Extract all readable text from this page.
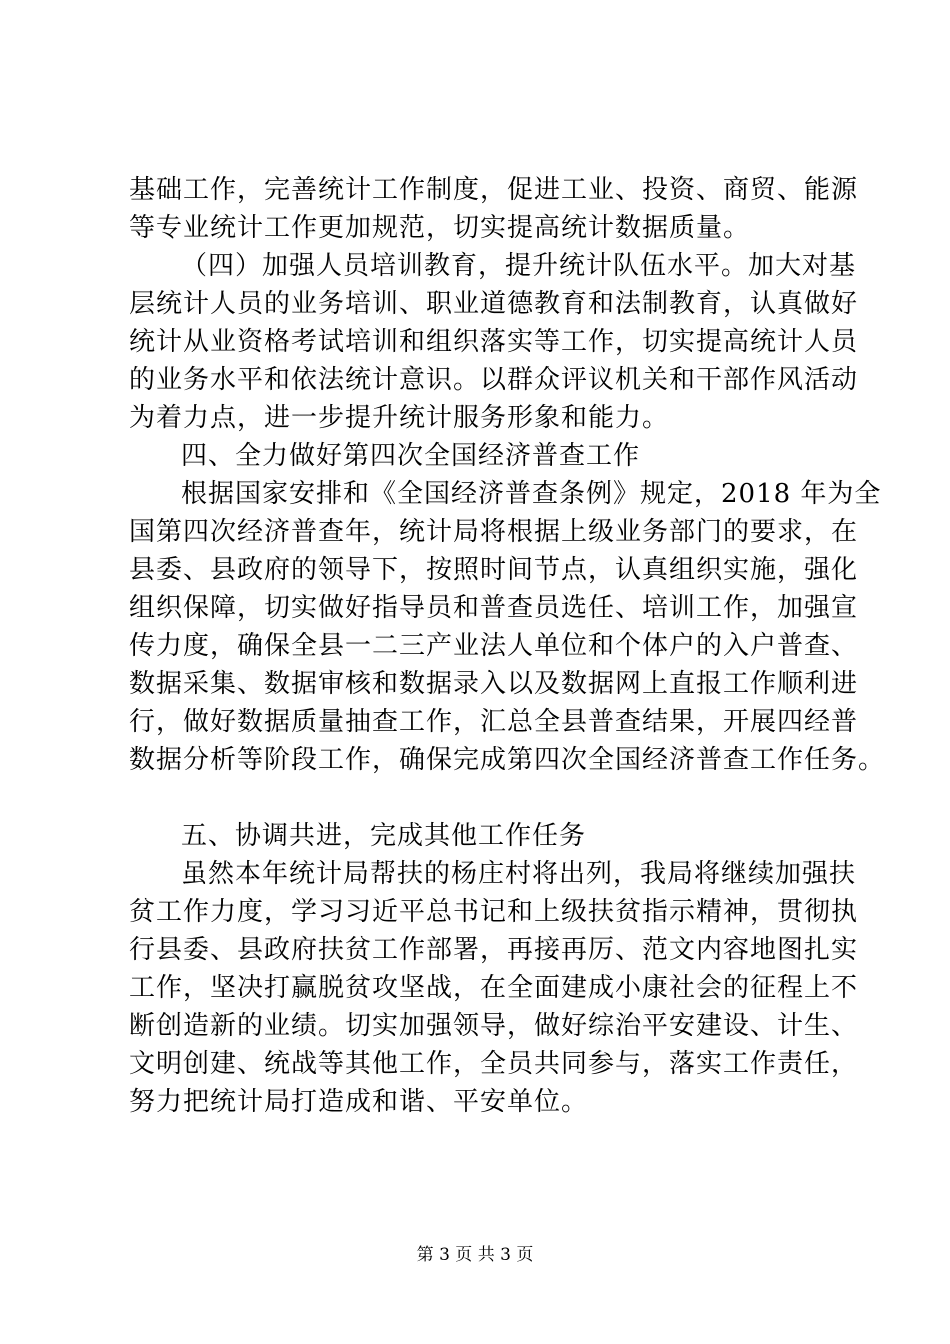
基础工作，完善统计工作制度，促进工业、投资、商贸、能源

等专业统计工作更加规范，切实提高统计数据质量。

（四）加强人员培训教育，提升统计队伍水平。加大对基

层统计人员的业务培训、职业道德教育和法制教育，认真做好

统计从业资格考试培训和组织落实等工作，切实提高统计人员

的业务水平和依法统计意识。以群众评议机关和干部作风活动

为着力点，进一步提升统计服务形象和能力。

四、全力做好第四次全国经济普查工作

根据国家安排和《全国经济普查条例》规定，2018 年为全

国第四次经济普查年，统计局将根据上级业务部门的要求，在

县委、县政府的领导下，按照时间节点，认真组织实施，强化

组织保障，切实做好指导员和普查员选任、培训工作，加强宣

传力度，确保全县一二三产业法人单位和个体户的入户普查、

数据采集、数据审核和数据录入以及数据网上直报工作顺利进

行，做好数据质量抽查工作，汇总全县普查结果，开展四经普

数据分析等阶段工作，确保完成第四次全国经济普查工作任务。

五、协调共进，完成其他工作任务

虽然本年统计局帮扶的杨庄村将出列，我局将继续加强扶

贫工作力度，学习习近平总书记和上级扶贫指示精神，贯彻执

行县委、县政府扶贫工作部署，再接再厉、范文内容地图扎实

工作，坚决打赢脱贫攻坚战，在全面建成小康社会的征程上不

断创造新的业绩。切实加强领导，做好综治平安建设、计生、

文明创建、统战等其他工作，全员共同参与，落实工作责任，

努力把统计局打造成和谐、平安单位。

第 3 页 共 3 页
